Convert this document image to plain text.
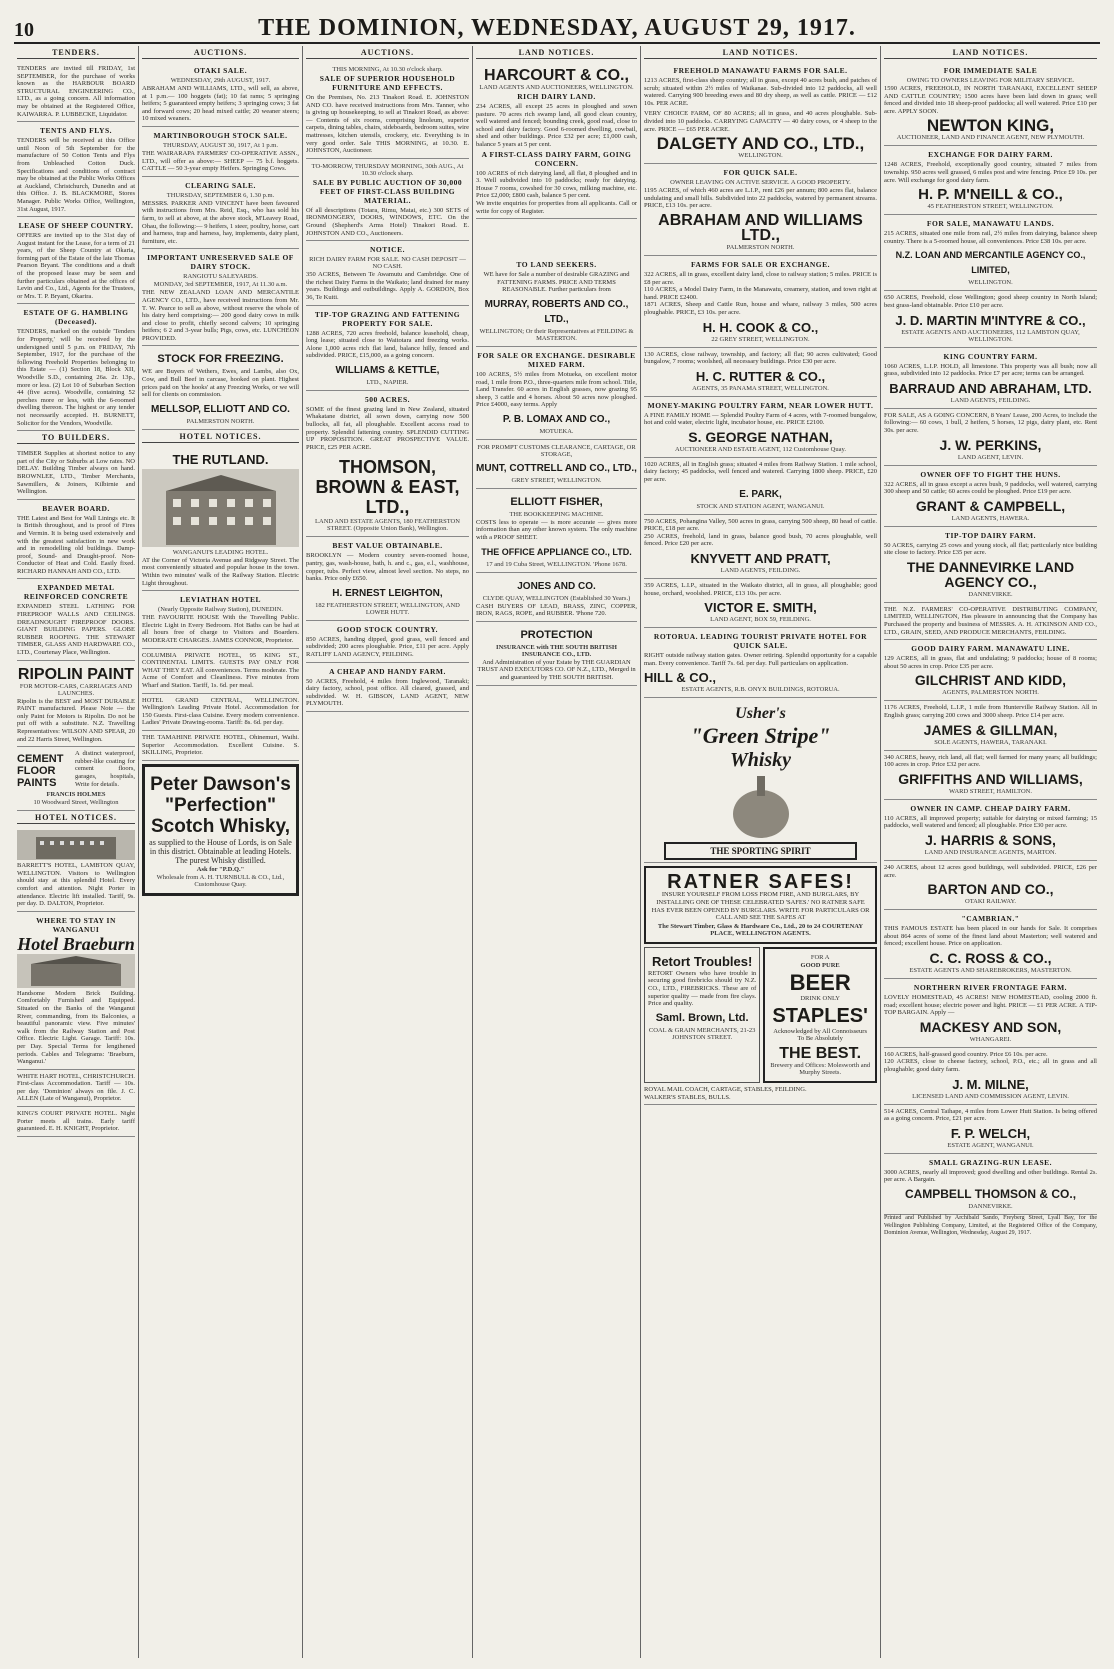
10	THE DOMINION, WEDNESDAY, AUGUST 29, 1917.
TENDERS.

TENDERS are invited till FRIDAY, 1st SEPTEMBER, for the purchase of works known as the HARBOUR BOARD STRUCTURAL ENGINEERING CO., LTD., as a going concern. All information may be obtained at the Registered Office, KAIWARRA. P. LUBBECKE, Liquidator.

TENTS AND FLYS.

TENDERS will be received at this Office until Noon of 5th September for the manufacture of 50 Cotton Tents and Flys from Unbleached Cotton Duck. Specifications and conditions of contract may be obtained at the Public Works Offices at Auckland, Christchurch, Dunedin and at this Office. J. B. BLACKMORE, Stores Manager. Public Works Office, Wellington, 31st August, 1917.

LEASE OF SHEEP COUNTRY.

OFFERS are invited up to the 31st day of August instant for the Lease, for a term of 21 years, of the Sheep Country at Okaria, forming part of the Estate of the late Thomas Pearson Bryant. The conditions and a draft of the proposed lease may be seen and further particulars obtained at the offices of Levin and Co., Ltd., Agents for the Trustees, or Mrs. T. P. Bryant, Okarira.

ESTATE OF G. HAMBLING (Deceased).

TENDERS, marked on the outside 'Tenders for Property,' will be received by the undersigned until 5 p.m. on FRIDAY, 7th September, 1917, for the purchase of the following Freehold Properties belonging to this Estate — (1) Section 18, Block XII, Woodville S.D., containing 26a. 2r. 13p., more or less. (2) Lot 10 of Suburban Section 44 (five acres). Woodville, containing 52 perches more or less, with the 6-roomed dwelling thereon. The highest or any tender not necessarily accepted. H. BURNETT, Solicitor for the Vendors, Woodville.

TO BUILDERS.

TIMBER Supplies at shortest notice to any part of the City or Suburbs at Low rates. NO DELAY. Building Timber always on hand. BROWNLEE, LTD., Timber Merchants, Sawmillers, & Joiners, Kilbirnie and Wellington.

BEAVER BOARD.

THE Latest and Best for Wall Linings etc. It is British throughout, and is proof of Fires and Vermin. It is being used extensively and with the greatest satisfaction in new work and in remodelling old buildings. Damp-proof, Sound- and Draught-proof. Non-Conductor of Heat and Cold. Easily fixed. RICHARD HANNAH AND CO., LTD.

EXPANDED METAL REINFORCED CONCRETE

EXPANDED STEEL LATHING FOR FIREPROOF WALLS AND CEILINGS. DREADNOUGHT FIREPROOF DOORS. GIANT BUILDING PAPERS. GLOBE RUBBER ROOFING. THE STEWART TIMBER, GLASS AND HARDWARE CO., LTD., Courtenay Place, Wellington.

RIPOLIN PAINT
FOR MOTOR-CARS, CARRIAGES AND LAUNCHES.

Ripolin is the BEST and MOST DURABLE PAINT manufactured. Please Note — the only Paint for Motors is Ripolin. Do not be put off with a substitute. N.Z. Travelling Representatives: WILSON AND SPEAR, 20 and 22 Harris Street, Wellington.

CEMENT FLOOR PAINTS

A distinct waterproof, rubber-like coating for cement floors, garages, hospitals, Write for details.

FRANCIS HOLMES
10 Woodward Street, Wellington
HOTEL NOTICES.

BARRETT'S HOTEL, LAMBTON QUAY, WELLINGTON. Visitors to Wellington should stay at this splendid Hotel. Every comfort and attention. Night Porter in attendance. Electric lift installed. Tariff, 9s. per day. D. DALTON, Proprietor.

WHERE TO STAY IN WANGANUI
Hotel Braeburn

Handsome Modern Brick Building. Comfortably Furnished and Equipped. Situated on the Banks of the Wanganui River, commanding, from its Balconies, a beautiful panoramic view. Five minutes' walk from the Railway Station and Post Office. Electric Light. Garage. Tariff: 10s. per Day. Special Terms for lengthened periods. Cables and Telegrams: 'Braeburn, Wanganui.'

WHITE HART HOTEL, CHRISTCHURCH. First-class Accommodation. Tariff — 10s. per day. 'Dominion' always on file. J. C. ALLEN (Late of Wanganui), Proprietor.

KING'S COURT PRIVATE HOTEL. Night Porter meets all trains. Early tariff guaranteed. E. H. KNIGHT, Proprietor.

AUCTIONS.
OTAKI SALE.
WEDNESDAY, 29th AUGUST, 1917.

ABRAHAM AND WILLIAMS, LTD., will sell, as above, at 1 p.m.— 100 hoggets (fat); 10 fat rams; 5 springing heifers; 5 guaranteed empty heifers; 3 springing cows; 3 fat and forward cows; 20 head mixed cattle; 20 weaner steers; 10 mixed weaners.

MARTINBOROUGH STOCK SALE.
THURSDAY, AUGUST 30, 1917, At 1 p.m.

THE WAIRARAPA FARMERS' CO-OPERATIVE ASSN., LTD., will offer as above:— SHEEP — 75 b.f. hoggets. CATTLE — 50 3-year empty Heifers. Springing Cows.

CLEARING SALE.
THURSDAY, SEPTEMBER 6, 1.30 p.m.

MESSRS. PARKER AND VINCENT have been favoured with instructions from Mrs. Reid, Esq., who has sold his farm, to sell at above, at the above stock, M'Leavey Road, Ohau, the following:— 9 heifers, 1 steer, poultry, horse, cart and harness, trap and harness, hay, implements, dairy plant, furniture, etc.

IMPORTANT UNRESERVED SALE OF DAIRY STOCK.
RANGIOTU SALEYARDS.
MONDAY, 3rd SEPTEMBER, 1917, At 11.30 a.m.

THE NEW ZEALAND LOAN AND MERCANTILE AGENCY CO., LTD., have received instructions from Mr. T. W. Pearce to sell as above, without reserve the whole of his dairy herd comprising:— 200 good dairy cows in milk and close to profit, chiefly second calvers; 10 springing heifers; 6 2 and 3-year bulls; Pigs, cows, etc. LUNCHEON PROVIDED.

STOCK FOR FREEZING.

WE are Buyers of Wethers, Ewes, and Lambs, also Ox, Cow, and Bull Beef in carcase, hooked on plant. Highest prices paid on 'the hooks' at any Freezing Works, or we will sell for clients on commission.

MELLSOP, ELLIOTT AND CO.
PALMERSTON NORTH.
HOTEL NOTICES.
THE RUTLAND.
WANGANUI'S LEADING HOTEL.

AT the Corner of Victoria Avenue and Ridgway Street. The most conveniently situated and popular house in the town. Within two minutes' walk of the Railway Station. Electric Light throughout.

LEVIATHAN HOTEL
(Nearly Opposite Railway Station), DUNEDIN.

THE FAVOURITE HOUSE With the Travelling Public. Electric Light in Every Bedroom. Hot Baths can be had at all hours free of charge to Visitors and Boarders. MODERATE CHARGES. JAMES CONNOR, Proprietor.

COLUMBIA PRIVATE HOTEL, 95 KING ST., CONTINENTAL LIMITS. GUESTS PAY ONLY FOR WHAT THEY EAT. All conveniences. Terms moderate. The Acme of Comfort and Cleanliness. Five minutes from Wharf and Station. Tariff, 1s. 6d. per meal.

HOTEL GRAND CENTRAL, WELLINGTON. Wellington's Leading Private Hotel. Accommodation for 150 Guests. First-class Cuisine. Every modern convenience. Ladies' Private Drawing-rooms. Tariff: 8s. 6d. per day.

THE TAMAHINE PRIVATE HOTEL, Ohinemuri, Waihi. Superior Accommodation. Excellent Cuisine. S. SKILLING, Proprietor.

Peter Dawson's "Perfection" Scotch Whisky,

as supplied to the House of Lords, is on Sale in this district. Obtainable at leading Hotels. The purest Whisky distilled.

Ask for "P.D.Q."
Wholesale from A. H. TURNBULL & CO., Ltd., Customhouse Quay.
AUCTIONS.
THIS MORNING, At 10.30 o'clock sharp.
SALE OF SUPERIOR HOUSEHOLD FURNITURE AND EFFECTS.

On the Premises, No. 213 Tinakori Road. E. JOHNSTON AND CO. have received instructions from Mrs. Tanner, who is giving up housekeeping, to sell at Tinakori Road, as above:— Contents of six rooms, comprising linoleum, superior carpets, dining tables, chairs, sideboards, bedroom suites, wire mattresses, kitchen utensils, crockery, etc. Everything is in very good order. Sale THIS MORNING, at 10.30. E. JOHNSTON, Auctioneer.

TO-MORROW, THURSDAY MORNING, 30th AUG., At 10.30 o'clock sharp.
SALE BY PUBLIC AUCTION OF 30,000 FEET OF FIRST-CLASS BUILDING MATERIAL.

Of all descriptions (Totara, Rimu, Matai, etc.) 300 SETS of IRONMONGERY, DOORS, WINDOWS, ETC. On the Ground (Shepherd's Arms Hotel) Tinakori Road. E. JOHNSTON AND CO., Auctioneers.

NOTICE.
RICH DAIRY FARM FOR SALE. NO CASH DEPOSIT — NO CASH.

350 ACRES, Between Te Awamutu and Cambridge. One of the richest Dairy Farms in the Waikato; land drained for many years. Buildings and outbuildings. Apply A. GORDON, Box 36, Te Kuiti.

TIP-TOP GRAZING AND FATTENING PROPERTY FOR SALE.

1288 ACRES, 720 acres freehold, balance leasehold, cheap, long lease; situated close to Waitotara and freezing works. Alone 1,000 acres rich flat land, balance hilly, fenced and subdivided. PRICE, £15,000, as a going concern.

WILLIAMS & KETTLE,
LTD., NAPIER.
500 ACRES.

SOME of the finest grazing land in New Zealand, situated Whakatane district, all sown down, carrying now 500 bullocks, all fat, all ploughable. Excellent access road to property. Splendid fattening country. SPLENDID CUTTING UP PROPOSITION. GREAT PROSPECTIVE VALUE. PRICE, £25 PER ACRE.

THOMSON, BROWN & EAST, LTD.,
LAND AND ESTATE AGENTS, 180 FEATHERSTON STREET. (Opposite Union Bank), Wellington.
BEST VALUE OBTAINABLE.

BROOKLYN — Modern country seven-roomed house, pantry, gas, wash-house, bath, h. and c., gas, e.l., washhouse, copper, tubs. Perfect view, almost level section. No steps, no banks. Price only £650.

H. ERNEST LEIGHTON,
182 FEATHERSTON STREET, WELLINGTON, AND LOWER HUTT.
GOOD STOCK COUNTRY.

850 ACRES, handing dipped, good grass, well fenced and subdivided; 200 acres ploughable. Price, £11 per acre. Apply RATLIFF LAND AGENCY, FEILDING.

A CHEAP AND HANDY FARM.

50 ACRES, Freehold, 4 miles from Inglewood, Taranaki; dairy factory, school, post office. All cleared, grassed, and subdivided. W. H. GIBSON, LAND AGENT, NEW PLYMOUTH.

LAND NOTICES.
HARCOURT & CO.,
LAND AGENTS AND AUCTIONEERS, WELLINGTON.
RICH DAIRY LAND.

234 ACRES, all except 25 acres in ploughed and sown pasture. 70 acres rich swamp land, all good clean country, well watered and fenced; bounding creek, good road, close to school and dairy factory. Good 6-roomed dwelling, cowbail, shed and other buildings. Price £32 per acre; £1,000 cash, balance 5 years at 5 per cent.

A FIRST-CLASS DAIRY FARM, GOING CONCERN.

100 ACRES of rich dairying land, all flat, 8 ploughed and in 3. Well subdivided into 10 paddocks; ready for dairying. House 7 rooms, cowshed for 30 cows, milking machine, etc. Price £2,000; £800 cash, balance 5 per cent.

We invite enquiries for properties from all applicants. Call or write for copy of Register.

TO LAND SEEKERS.

WE have for Sale a number of desirable GRAZING and FATTENING FARMS. PRICE AND TERMS REASONABLE. Further particulars from

MURRAY, ROBERTS AND CO., LTD.,
WELLINGTON; Or their Representatives at FEILDING & MASTERTON.
FOR SALE OR EXCHANGE. DESIRABLE MIXED FARM.

100 ACRES, 5½ miles from Motueka, on excellent motor road, 1 mile from P.O., three-quarters mile from school. Title, Land Transfer. 60 acres in English grasses, now grazing 95 sheep, 3 cattle and 4 horses. About 50 acres now ploughed. Price £4000, easy terms. Apply

P. B. LOMAX AND CO.,
MOTUEKA.
FOR PROMPT CUSTOMS CLEARANCE, CARTAGE, OR STORAGE,
MUNT, COTTRELL AND CO., LTD.,
GREY STREET, WELLINGTON.
ELLIOTT FISHER,
THE BOOKKEEPING MACHINE.

COSTS less to operate — is more accurate — gives more information than any other known system. The only machine with a PROOF SHEET.

THE OFFICE APPLIANCE CO., LTD.
17 and 19 Cuba Street, WELLINGTON. 'Phone 1678.
JONES AND CO.
CLYDE QUAY, WELLINGTON (Established 30 Years.)

CASH BUYERS OF LEAD, BRASS, ZINC, COPPER, IRON, RAGS, ROPE, and RUBBER. 'Phone 720.

PROTECTION
INSURANCE with THE SOUTH BRITISH INSURANCE CO., LTD.

And Administration of your Estate by THE GUARDIAN TRUST AND EXECUTORS CO. OF N.Z., LTD., Merged in and guaranteed by THE SOUTH BRITISH.

LAND NOTICES.
FREEHOLD MANAWATU FARMS FOR SALE.

1213 ACRES, first-class sheep country; all in grass, except 40 acres bush, and patches of scrub; situated within 2½ miles of Waikanae. Sub-divided into 12 paddocks, all well watered. Carrying 900 breeding ewes and 80 dry sheep, as well as cattle. PRICE — £12 10s. PER ACRE.

VERY CHOICE FARM, OF 80 ACRES; all in grass, and 40 acres ploughable. Sub-divided into 10 paddocks. CARRYING CAPACITY — 40 dairy cows, or 4 sheep to the acre. PRICE — £65 PER ACRE.

DALGETY AND CO., LTD.,
WELLINGTON.
FOR QUICK SALE.
OWNER LEAVING ON ACTIVE SERVICE. A GOOD PROPERTY.

1195 ACRES, of which 460 acres are L.I.P., rent £26 per annum; 800 acres flat, balance undulating and small hills. Subdivided into 22 paddocks, watered by permanent streams. PRICE, £13 10s. per acre.

ABRAHAM AND WILLIAMS LTD.,
PALMERSTON NORTH.
FARMS FOR SALE OR EXCHANGE.

322 ACRES, all in grass, excellent dairy land, close to railway station; 5 miles. PRICE is £8 per acre.

110 ACRES, a Model Dairy Farm, in the Manawatu, creamery, station, and town right at hand. PRICE £2400.

1871 ACRES, Sheep and Cattle Run, house and whare, railway 3 miles, 500 acres ploughable. PRICE, £3 10s. per acre.

H. H. COOK & CO.,
22 GREY STREET, WELLINGTON.

130 ACRES, close railway, township, and factory; all flat; 90 acres cultivated; Good bungalow, 7 rooms; woolshed, all necessary buildings. Price £30 per acre.

H. C. RUTTER & CO.,
AGENTS, 35 PANAMA STREET, WELLINGTON.
MONEY-MAKING POULTRY FARM, NEAR LOWER HUTT.

A FINE FAMILY HOME — Splendid Poultry Farm of 4 acres, with 7-roomed bungalow, hot and cold water, electric light, incubator house, etc. PRICE £2100.

S. GEORGE NATHAN,
AUCTIONEER AND ESTATE AGENT, 112 Customhouse Quay.

1020 ACRES, all in English grass; situated 4 miles from Railway Station. 1 mile school, dairy factory; 45 paddocks, well fenced and watered. Carrying 1800 sheep. PRICE, £20 per acre.

E. PARK,
STOCK AND STATION AGENT, WANGANUI.

750 ACRES, Pohangina Valley, 500 acres in grass, carrying 500 sheep, 80 head of cattle. PRICE, £18 per acre.

250 ACRES, freehold, land in grass, balance good bush, 70 acres ploughable, well fenced. Price £20 per acre.

KNYVETT AND PRATT,
LAND AGENTS, FEILDING.

359 ACRES, L.I.P., situated in the Waikato district, all in grass, all ploughable; good house, orchard, woolshed. PRICE, £13 10s. per acre.

VICTOR E. SMITH,
LAND AGENT, BOX 59, FEILDING.
ROTORUA. LEADING TOURIST PRIVATE HOTEL FOR QUICK SALE.

RIGHT outside railway station gates. Owner retiring. Splendid opportunity for a capable man. Every convenience. Tariff 7s. 6d. per day. Full particulars on application.

HILL & CO.,
ESTATE AGENTS, R.B. ONYX BUILDINGS, ROTORUA.
Usher's
"Green Stripe"
Whisky
THE SPORTING SPIRIT
RATNER SAFES!

INSURE YOURSELF FROM LOSS FROM FIRE, AND BURGLARS, BY INSTALLING ONE OF THESE CELEBRATED 'SAFES.' NO RATNER SAFE HAS EVER BEEN OPENED BY BURGLARS. WRITE FOR PARTICULARS OR CALL AND SEE THE SAFES AT

The Stewart Timber, Glass & Hardware Co., Ltd., 20 to 24 COURTENAY PLACE, WELLINGTON AGENTS.
Retort Troubles!

RETORT Owners who have trouble in securing good firebricks should try N.Z. CO., LTD., FIREBRICKS. These are of superior quality — made from fire clays. Price and quality.

Saml. Brown, Ltd.
COAL & GRAIN MERCHANTS, 21-23 JOHNSTON STREET.
FOR A
GOOD PURE
BEER
DRINK ONLY
STAPLES'

Acknowledged by All Connoisseurs To Be Absolutely

THE BEST.
Brewery and Offices: Molesworth and Murphy Streets.

ROYAL MAIL COACH, CARTAGE, STABLES, FEILDING.

WALKER'S STABLES, BULLS.

LAND NOTICES.
FOR IMMEDIATE SALE
OWING TO OWNERS LEAVING FOR MILITARY SERVICE.

1590 ACRES, FREEHOLD, IN NORTH TARANAKI, EXCELLENT SHEEP AND CATTLE COUNTRY; 1500 acres have been laid down in grass; well fenced and divided into 18 sheep-proof paddocks; all well watered. Price £10 per acre. APPLY SOON.

NEWTON KING,
AUCTIONEER, LAND AND FINANCE AGENT, NEW PLYMOUTH.
EXCHANGE FOR DAIRY FARM.

1248 ACRES, Freehold, exceptionally good country, situated 7 miles from township. 950 acres well grassed, 6 miles post and wire fencing. Price £9 10s. per acre. Will exchange for good dairy farm.

H. P. M'NEILL & CO.,
45 FEATHERSTON STREET, WELLINGTON.
FOR SALE, MANAWATU LANDS.

215 ACRES, situated one mile from rail, 2½ miles from dairying, balance sheep country. There is a 5-roomed house, all conveniences. Price £38 10s. per acre.

N.Z. LOAN AND MERCANTILE AGENCY CO., LIMITED,
WELLINGTON.

650 ACRES, Freehold, close Wellington; good sheep country in North Island; best grass-land obtainable. Price £10 per acre.

J. D. MARTIN M'INTYRE & CO.,
ESTATE AGENTS AND AUCTIONEERS, 112 LAMBTON QUAY, WELLINGTON.
KING COUNTRY FARM.

1060 ACRES, L.I.P. HOLD, all limestone. This property was all bush; now all grass, subdivided into 12 paddocks. Price £7 per acre; terms can be arranged.

BARRAUD AND ABRAHAM, LTD.
LAND AGENTS, FEILDING.

FOR SALE, AS A GOING CONCERN, 8 Years' Lease, 200 Acres, to include the following:— 60 cows, 1 bull, 2 heifers, 5 horses, 12 pigs, dairy plant, etc. Rent 30s. per acre.

J. W. PERKINS,
LAND AGENT, LEVIN.
OWNER OFF TO FIGHT THE HUNS.

322 ACRES, all in grass except a acres bush, 9 paddocks, well watered, carrying 300 sheep and 50 cattle; 60 acres could be ploughed. Price £19 per acre.

GRANT & CAMPBELL,
LAND AGENTS, HAWERA.
TIP-TOP DAIRY FARM.

50 ACRES, carrying 25 cows and young stock, all flat; particularly nice building site close to factory. Price £35 per acre.

THE DANNEVIRKE LAND AGENCY CO.,
DANNEVIRKE.

THE N.Z. FARMERS' CO-OPERATIVE DISTRIBUTING COMPANY, LIMITED, WELLINGTON, Has pleasure in announcing that the Company has Purchased the property and business of MESSRS. A. H. ATKINSON AND CO., LTD., GRAIN, SEED, AND PRODUCE MERCHANTS, FEILDING.

GOOD DAIRY FARM. MANAWATU LINE.

129 ACRES, all in grass, flat and undulating; 9 paddocks; house of 8 rooms; about 50 acres in crop. Price £35 per acre.

GILCHRIST AND KIDD,
AGENTS, PALMERSTON NORTH.

1176 ACRES, Freehold, L.I.P., 1 mile from Hunterville Railway Station. All in English grass; carrying 200 cows and 3000 sheep. Price £14 per acre.

JAMES & GILLMAN,
SOLE AGENTS, HAWERA, TARANAKI.

340 ACRES, heavy, rich land, all flat; well farmed for many years; all buildings; 100 acres in crop. Price £32 per acre.

GRIFFITHS AND WILLIAMS,
WARD STREET, HAMILTON.
OWNER IN CAMP. CHEAP DAIRY FARM.

110 ACRES, all improved property; suitable for dairying or mixed farming; 15 paddocks, well watered and fenced; all ploughable. Price £30 per acre.

J. HARRIS & SONS,
LAND AND INSURANCE AGENTS, MARTON.

240 ACRES, about 12 acres good buildings, well subdivided. PRICE, £26 per acre.

BARTON AND CO.,
OTAKI RAILWAY.
"CAMBRIAN."

THIS FAMOUS ESTATE has been placed in our hands for Sale. It comprises about 864 acres of some of the finest land about Masterton; well watered and fenced; excellent house. Price on application.

C. C. ROSS & CO.,
ESTATE AGENTS AND SHAREBROKERS, MASTERTON.
NORTHERN RIVER FRONTAGE FARM.

LOVELY HOMESTEAD, 45 ACRES! NEW HOMESTEAD, cooling 2000 ft. road; excellent house; electric power and light. PRICE — £1 PER ACRE. A TIP-TOP BARGAIN. Apply —

MACKESY AND SON,
WHANGAREI.

160 ACRES, half-grassed good country. Price £6 10s. per acre.

120 ACRES, close to cheese factory, school, P.O., etc.; all in grass and all ploughable; good dairy farm.

J. M. MILNE,
LICENSED LAND AND COMMISSION AGENT, LEVIN.

514 ACRES, Central Taihape, 4 miles from Lower Hutt Station. Is being offered as a going concern. Price, £21 per acre.

F. P. WELCH,
ESTATE AGENT, WANGANUI.
SMALL GRAZING-RUN LEASE.

3000 ACRES, nearly all improved; good dwelling and other buildings. Rental 2s. per acre. A Bargain.

CAMPBELL THOMSON & CO.,
DANNEVIRKE.

Printed and Published by Archibald Sando, Freyberg Street, Lyall Bay, for the Wellington Publishing Company, Limited, at the Registered Office of the Company, Dominion Avenue, Wellington, Wednesday, August 29, 1917.
